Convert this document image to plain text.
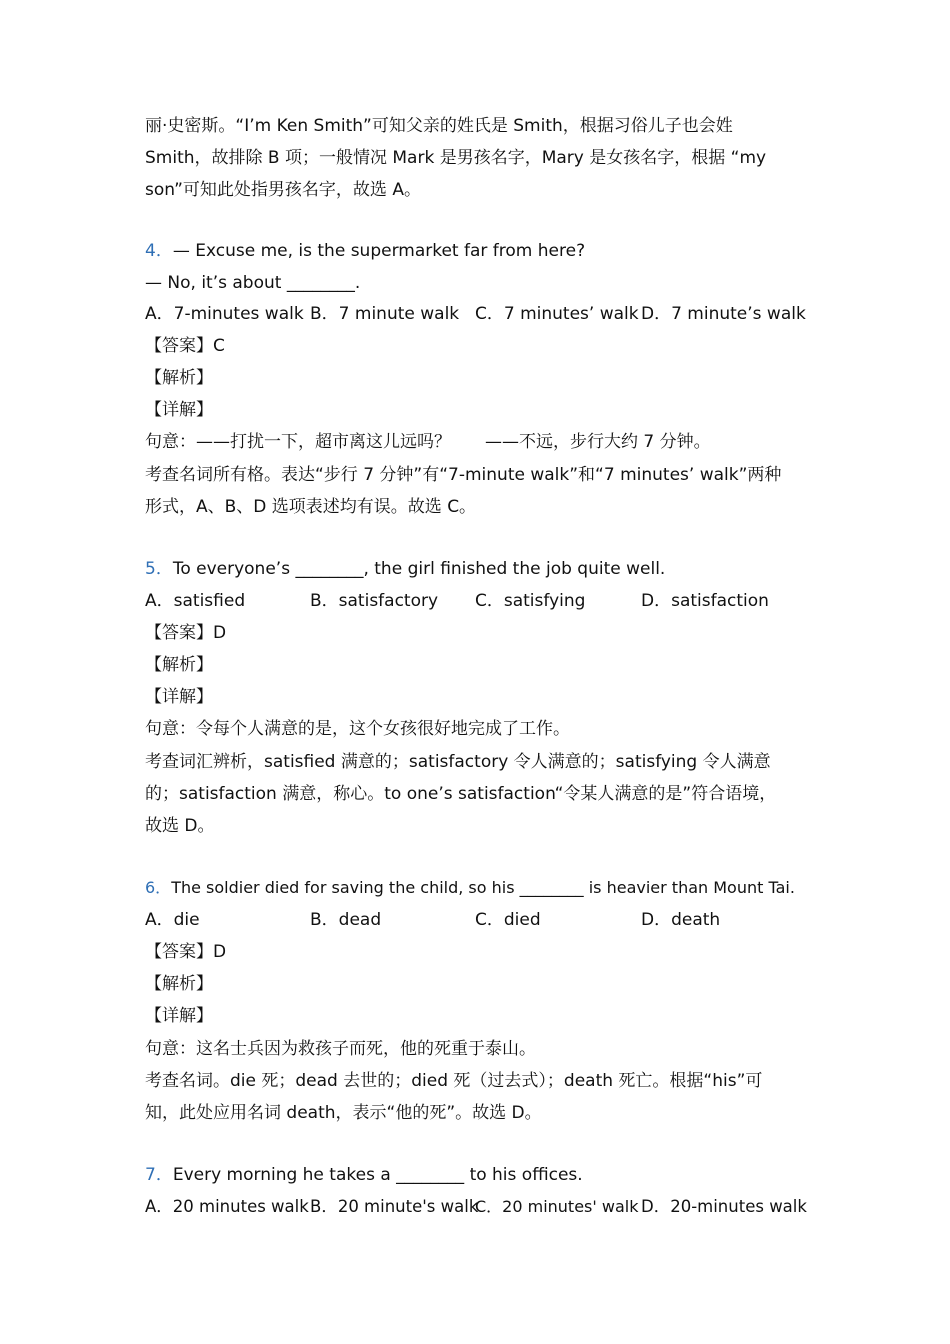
丽·史密斯。“I’m Ken Smith”可知父亲的姓氏是 Smith，根据习俗儿子也会姓
Smith，故排除 B 项；一般情况 Mark 是男孩名字，Mary 是女孩名字，根据 “my
son”可知此处指男孩名字，故选 A。
4．— Excuse me, is the supermarket far from here?
— No, it’s about ________.
A．7-minutes walk B．7 minute walk C．7 minutes’ walk D．7 minute’s walk
【答案】C
【解析】
【详解】
句意：——打扰一下，超市离这儿远吗？　　——不远，步行大约 7 分钟。
考查名词所有格。表达“步行 7 分钟”有“7-minute walk”和“7 minutes’ walk”两种
形式，A、B、D 选项表述均有误。故选 C。
5．To everyone’s ________, the girl finished the job quite well.
A．satisfied	B．satisfactory C．satisfying	D．satisfaction
【答案】D
【解析】
【详解】
句意：令每个人满意的是，这个女孩很好地完成了工作。
考查词汇辨析，satisfied 满意的；satisfactory 令人满意的；satisfying 令人满意
的；satisfaction 满意，称心。to one’s satisfaction“令某人满意的是”符合语境，
故选 D。
6．The soldier died for saving the child, so his ________ is heavier than Mount Tai.
A．die	B．dead	C．died	D．death
【答案】D
【解析】
【详解】
句意：这名士兵因为救孩子而死，他的死重于泰山。
考查名词。die 死；dead 去世的；died 死（过去式）；death 死亡。根据“his”可
知，此处应用名词 death，表示“他的死”。故选 D。
7．Every morning he takes a ________ to his offices.
A．20 minutes walk B．20 minute's walk
C．20 minutes' walk D．20-minutes walk
